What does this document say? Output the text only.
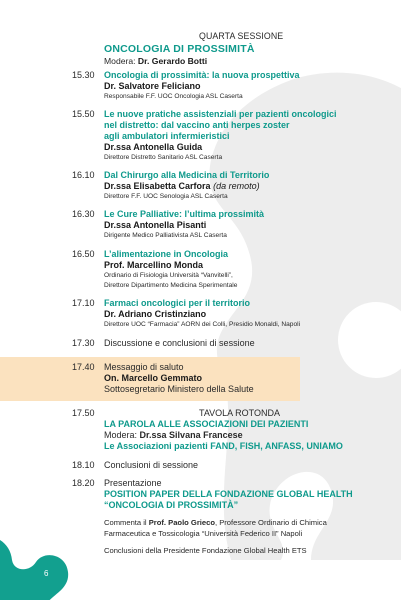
6
QUARTA SESSIONE
ONCOLOGIA DI PROSSIMITÀ
Modera: Dr. Gerardo Botti
15.30 Oncologia di prossimità: la nuova prospettiva
Dr. Salvatore Feliciano
Responsabile F.F. UOC Oncologia ASL Caserta
15.50 Le nuove pratiche assistenziali per pazienti oncologici
nel distretto: dal vaccino anti herpes zoster
agli ambulatori infermieristici
Dr.ssa Antonella Guida
Direttore Distretto Sanitario ASL Caserta
16.10 Dal Chirurgo alla Medicina di Territorio
Dr.ssa Elisabetta Carfora (da remoto)
Direttore F.F. UOC Senologia ASL Caserta
16.30 Le Cure Palliative: l’ultima prossimità
Dr.ssa Antonella Pisanti
Dirigente Medico Palliativista ASL Caserta
16.50 L’alimentazione in Oncologia
Prof. Marcellino Monda
Ordinario di Fisiologia Università “Vanvitelli”,
Direttore Dipartimento Medicina Sperimentale
17.10 Farmaci oncologici per il territorio
Dr. Adriano Cristinziano
Direttore UOC “Farmacia” AORN dei Colli, Presidio Monaldi, Napoli
17.30 Discussione e conclusioni di sessione
17.40 Messaggio di saluto
On. Marcello Gemmato
Sottosegretario Ministero della Salute
17.50	TAVOLA ROTONDA
LA PAROLA ALLE ASSOCIAZIONI DEI PAZIENTI
Modera: Dr.ssa Silvana Francese
Le Associazioni pazienti FAND, FISH, ANFASS, UNIAMO
18.10 Conclusioni di sessione
18.20 Presentazione
POSITION PAPER DELLA FONDAZIONE GLOBAL HEALTH
“ONCOLOGIA DI PROSSIMITÀ”
Commenta il Prof. Paolo Grieco, Professore Ordinario di Chimica
Farmaceutica e Tossicologia “Università Federico II” Napoli
Conclusioni della Presidente Fondazione Global Health ETS
